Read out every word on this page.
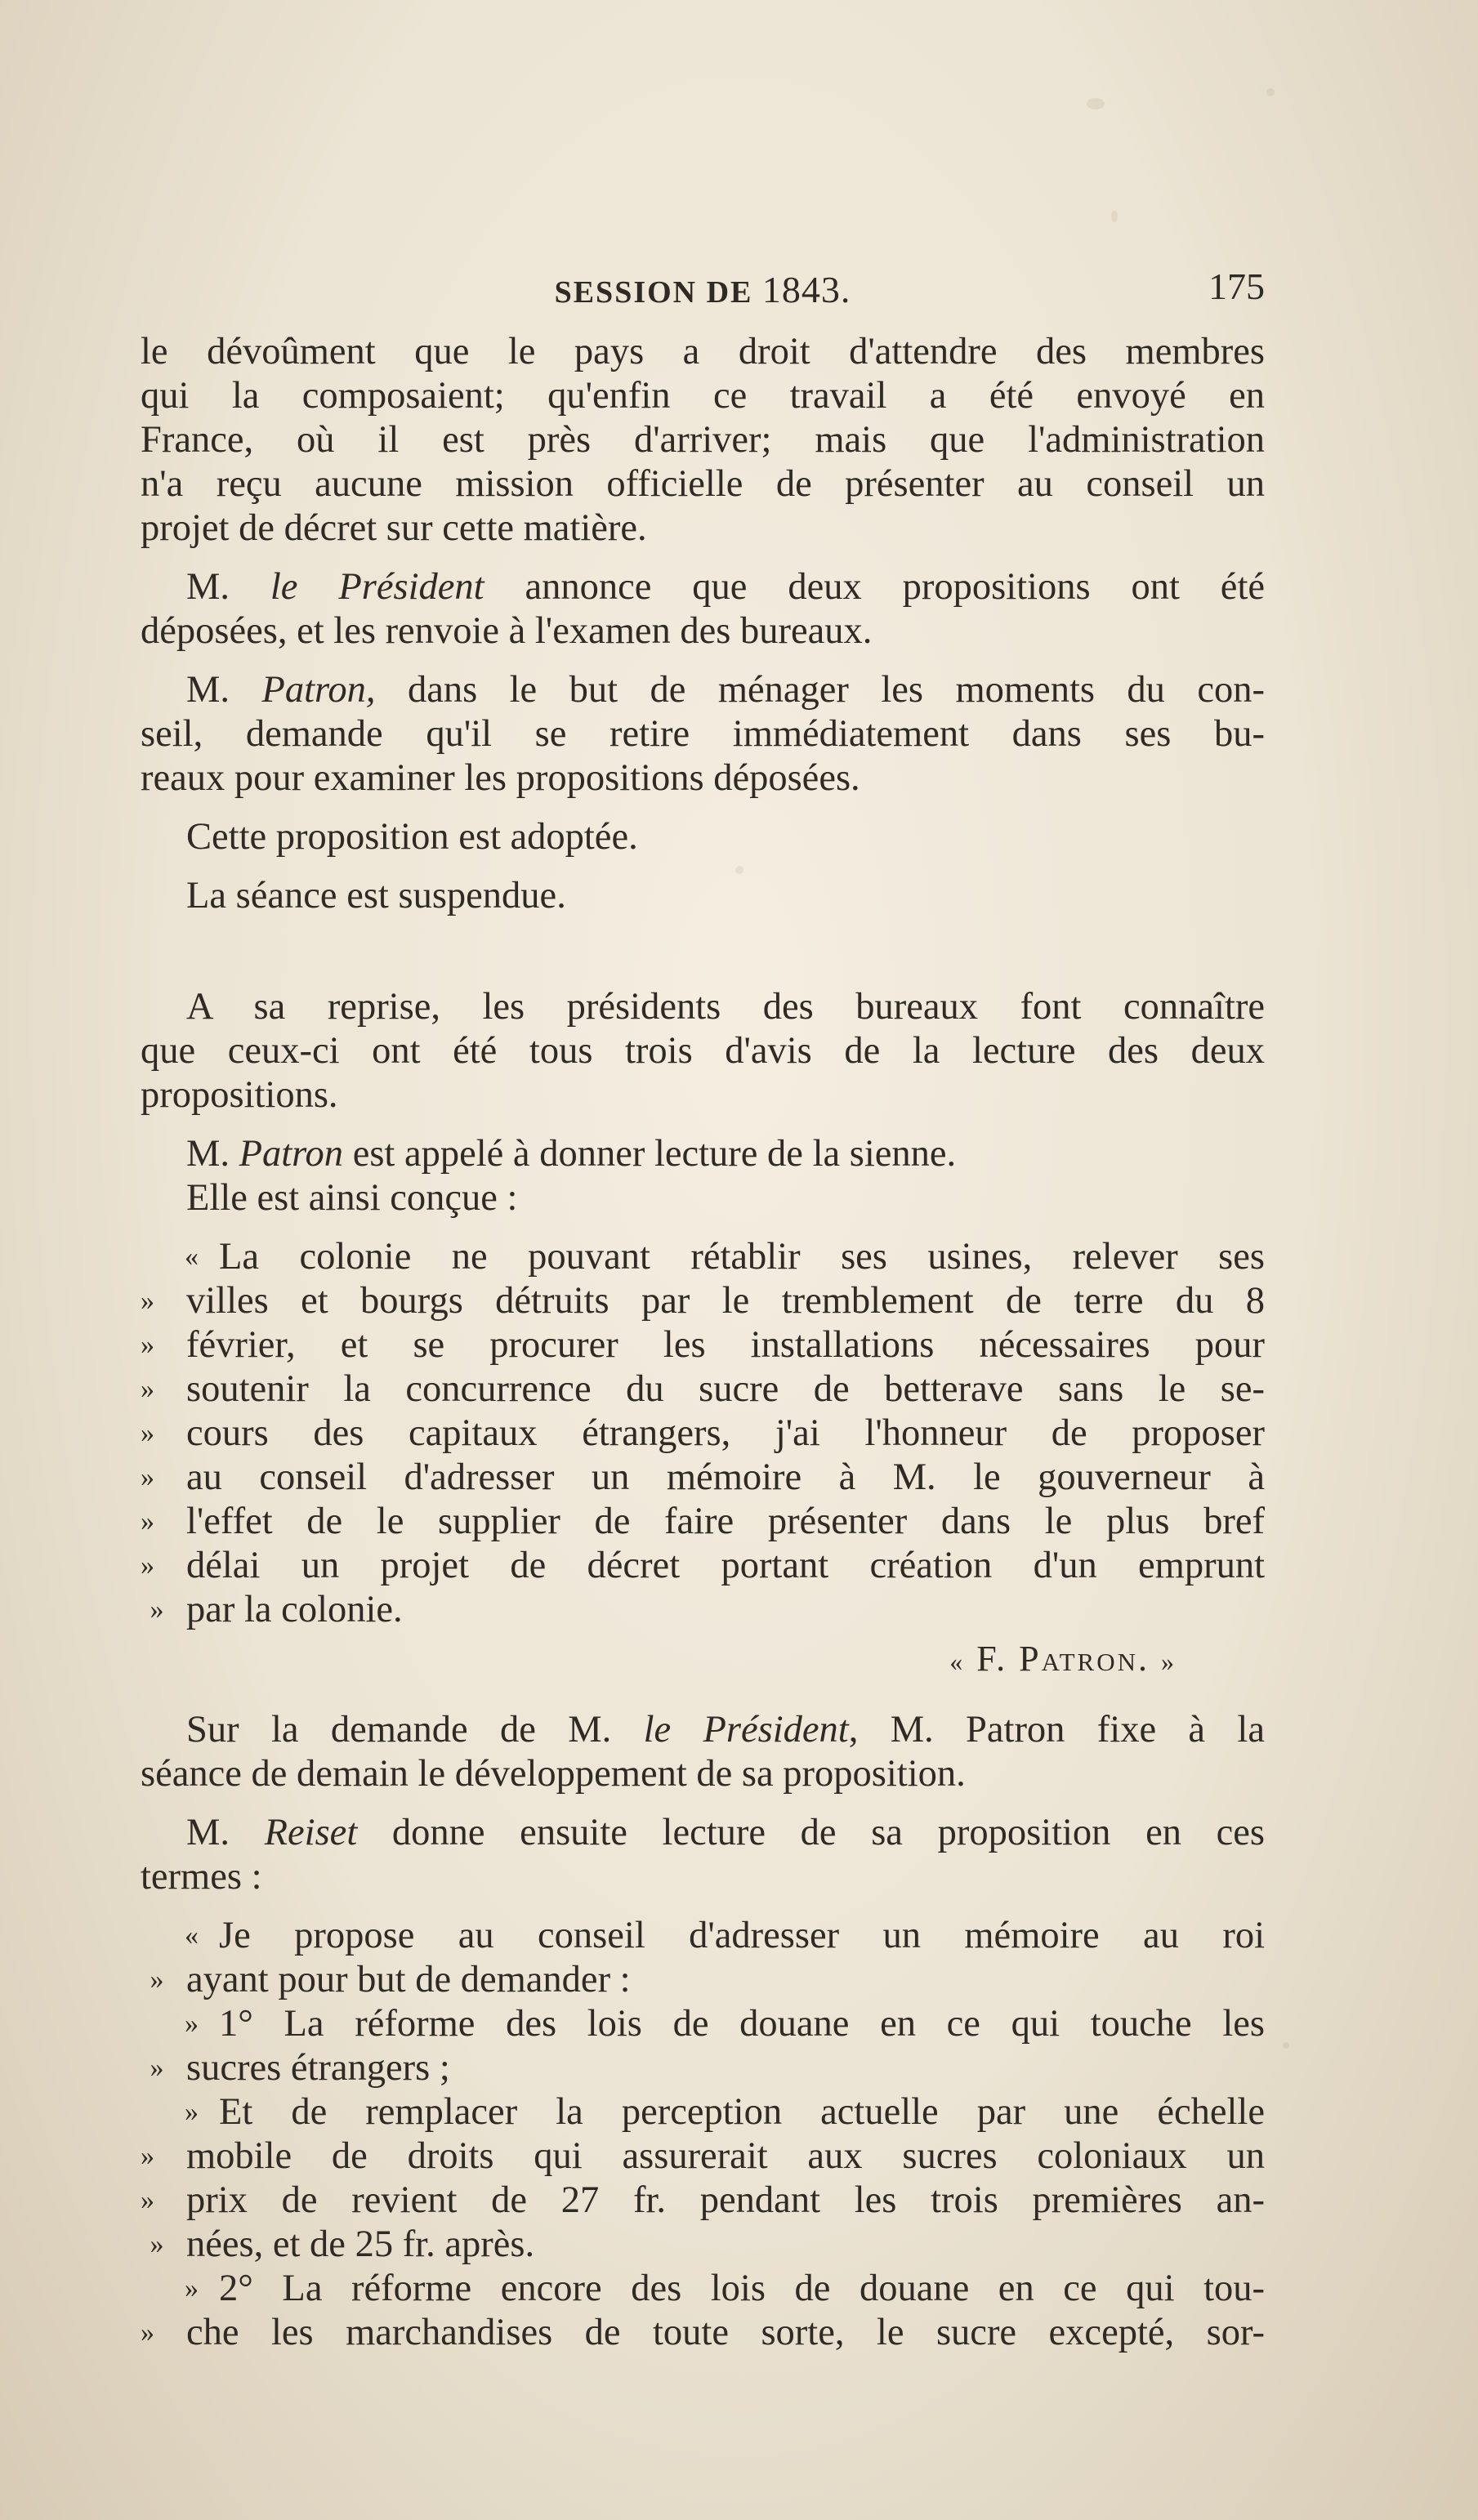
SESSION DE 1843.	175

le dévoûment que le pays a droit d'attendre des membres
qui la composaient; qu'enfin ce travail a été envoyé en
France, où il est près d'arriver; mais que l'administration
n'a reçu aucune mission officielle de présenter au conseil un
projet de décret sur cette matière.

M. le Président annonce que deux propositions ont été
déposées, et les renvoie à l'examen des bureaux.

M. Patron, dans le but de ménager les moments du con-
seil, demande qu'il se retire immédiatement dans ses bu-
reaux pour examiner les propositions déposées.

Cette proposition est adoptée.

La séance est suspendue.

A sa reprise, les présidents des bureaux font connaître
que ceux-ci ont été tous trois d'avis de la lecture des deux
propositions.

M. Patron est appelé à donner lecture de la sienne.

Elle est ainsi conçue :

« La colonie ne pouvant rétablir ses usines, relever ses
» villes et bourgs détruits par le tremblement de terre du 8
» février, et se procurer les installations nécessaires pour
» soutenir la concurrence du sucre de betterave sans le se-
» cours des capitaux étrangers, j'ai l'honneur de proposer
» au conseil d'adresser un mémoire à M. le gouverneur à
» l'effet de le supplier de faire présenter dans le plus bref
» délai un projet de décret portant création d'un emprunt
» par la colonie.
« F. Patron. »

Sur la demande de M. le Président, M. Patron fixe à la
séance de demain le développement de sa proposition.

M. Reiset donne ensuite lecture de sa proposition en ces
termes :

« Je propose au conseil d'adresser un mémoire au roi
» ayant pour but de demander :
» 1° La réforme des lois de douane en ce qui touche les
» sucres étrangers ;
» Et de remplacer la perception actuelle par une échelle
» mobile de droits qui assurerait aux sucres coloniaux un
» prix de revient de 27 fr. pendant les trois premières an-
» nées, et de 25 fr. après.
» 2° La réforme encore des lois de douane en ce qui tou-
» che les marchandises de toute sorte, le sucre excepté, sor-
